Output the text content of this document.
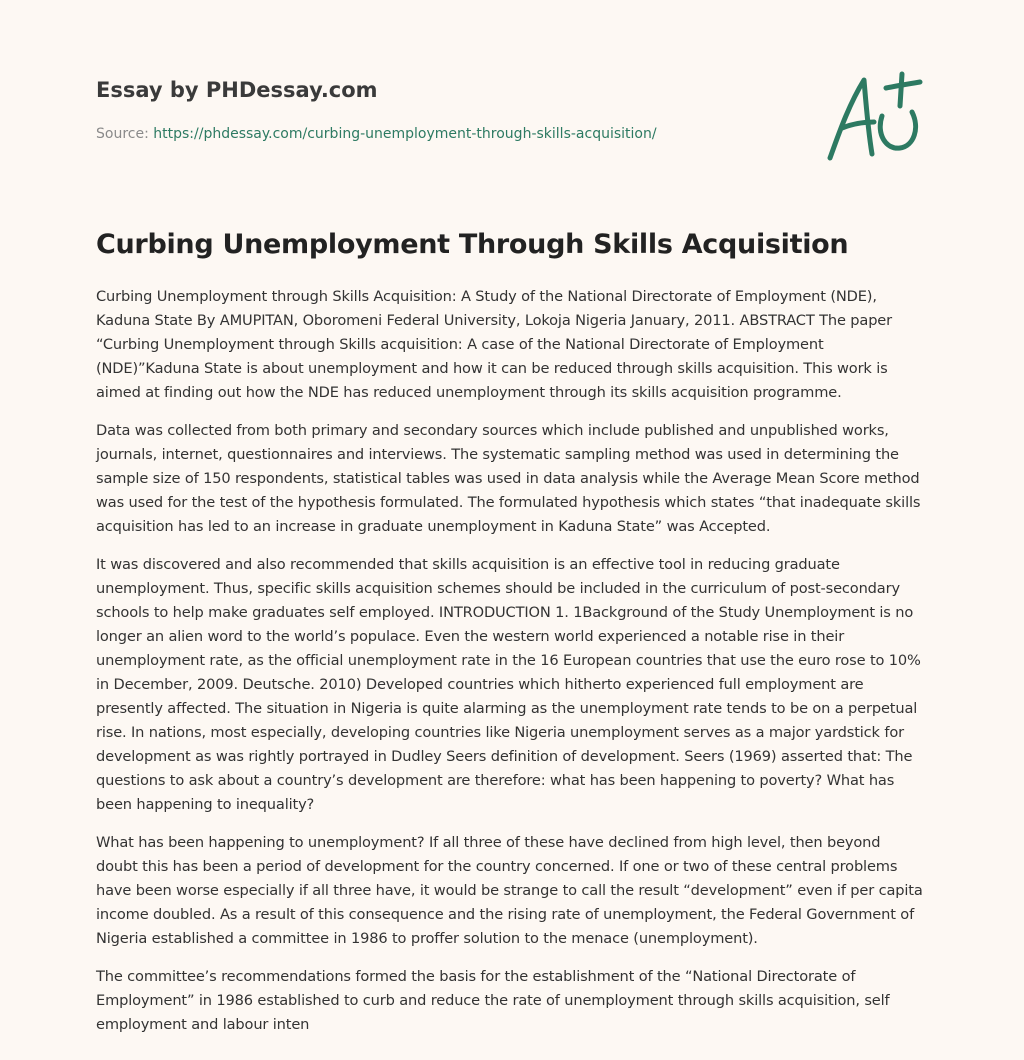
Essay by PHDessay.com
Source: https://phdessay.com/curbing-unemployment-through-skills-acquisition/
Curbing Unemployment Through Skills Acquisition

Curbing Unemployment through Skills Acquisition: A Study of the National Directorate of Employment (NDE), Kaduna State By AMUPITAN, Oboromeni Federal University, Lokoja Nigeria January, 2011. ABSTRACT The paper “Curbing Unemployment through Skills acquisition: A case of the National Directorate of Employment (NDE)”Kaduna State is about unemployment and how it can be reduced through skills acquisition. This work is aimed at finding out how the NDE has reduced unemployment through its skills acquisition programme.

Data was collected from both primary and secondary sources which include published and unpublished works, journals, internet, questionnaires and interviews. The systematic sampling method was used in determining the sample size of 150 respondents, statistical tables was used in data analysis while the Average Mean Score method was used for the test of the hypothesis formulated. The formulated hypothesis which states “that inadequate skills acquisition has led to an increase in graduate unemployment in Kaduna State” was Accepted.

It was discovered and also recommended that skills acquisition is an effective tool in reducing graduate unemployment. Thus, specific skills acquisition schemes should be included in the curriculum of post-secondary schools to help make graduates self employed. INTRODUCTION 1. 1Background of the Study Unemployment is no longer an alien word to the world’s populace. Even the western world experienced a notable rise in their unemployment rate, as the official unemployment rate in the 16 European countries that use the euro rose to 10% in December, 2009. Deutsche. 2010) Developed countries which hitherto experienced full employment are presently affected. The situation in Nigeria is quite alarming as the unemployment rate tends to be on a perpetual rise. In nations, most especially, developing countries like Nigeria unemployment serves as a major yardstick for development as was rightly portrayed in Dudley Seers definition of development. Seers (1969) asserted that: The questions to ask about a country’s development are therefore: what has been happening to poverty? What has been happening to inequality?

What has been happening to unemployment? If all three of these have declined from high level, then beyond doubt this has been a period of development for the country concerned. If one or two of these central problems have been worse especially if all three have, it would be strange to call the result “development” even if per capita income doubled. As a result of this consequence and the rising rate of unemployment, the Federal Government of Nigeria established a committee in 1986 to proffer solution to the menace (unemployment).

The committee’s recommendations formed the basis for the establishment of the “National Directorate of Employment” in 1986 established to curb and reduce the rate of unemployment through skills acquisition, self employment and labour inten
